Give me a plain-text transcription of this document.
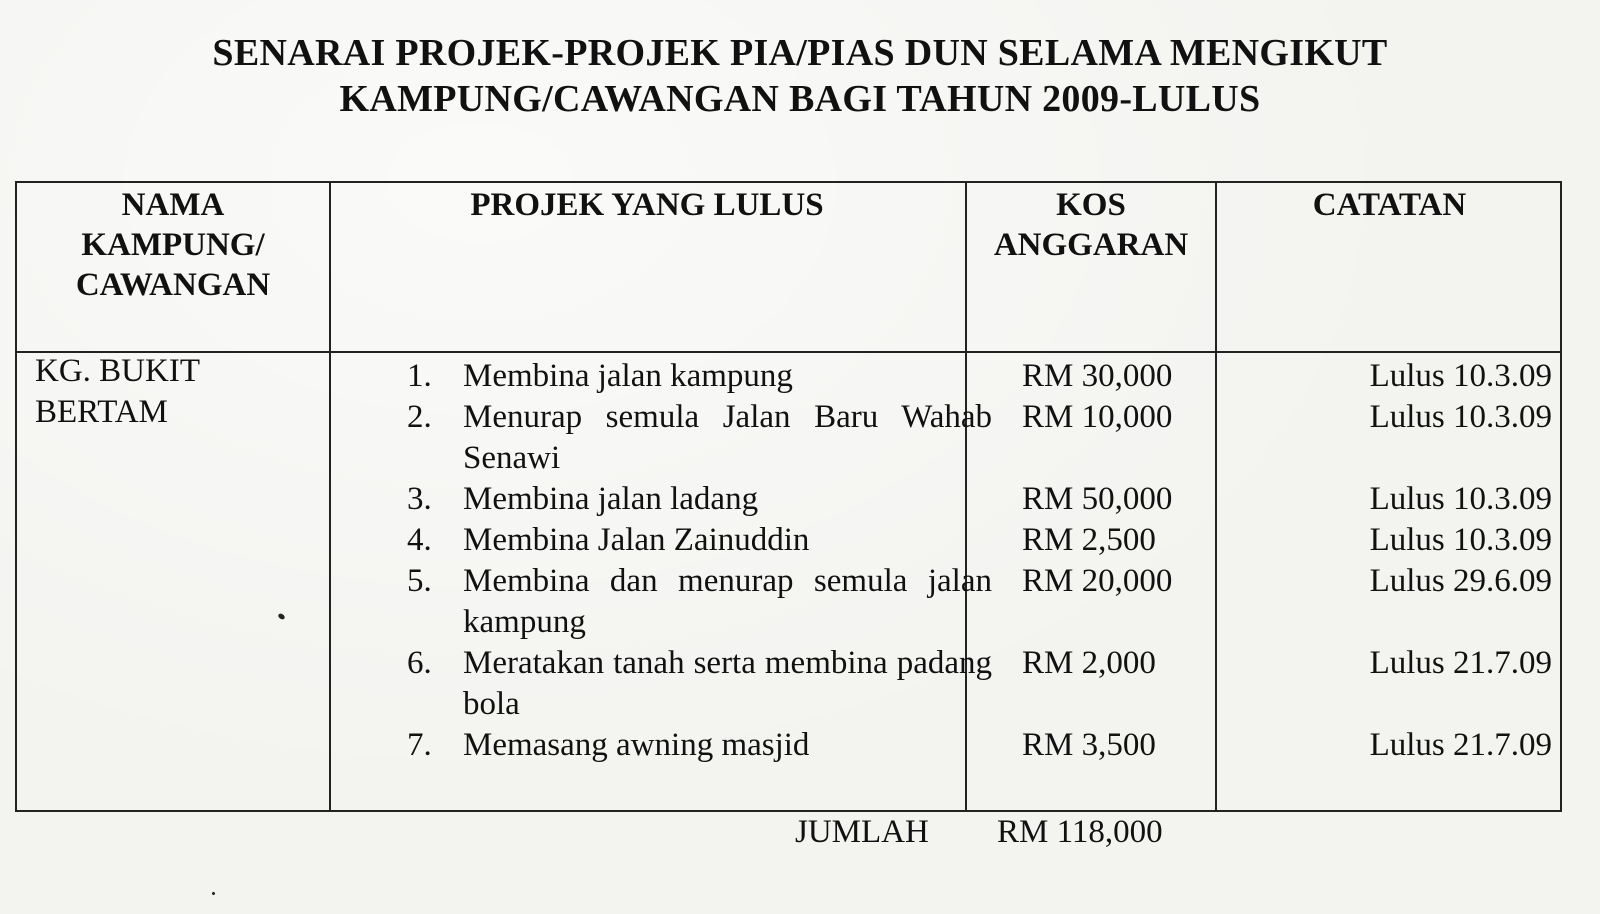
SENARAI PROJEK-PROJEK PIA/PIAS DUN SELAMA MENGIKUT
KAMPUNG/CAWANGAN BAGI TAHUN 2009-LULUS
NAMA
KAMPUNG/
CAWANGAN
PROJEK YANG LULUS	KOS
ANGGARAN
CATATAN
KG. BUKIT
BERTAM
1. Membina jalan kampung
2. Menurap semula Jalan Baru Wahab Senawi
3. Membina jalan ladang
4. Membina Jalan Zainuddin
5. Membina dan menurap semula jalan kampung
6. Meratakan tanah serta membina padang bola
7. Memasang awning masjid
RM 30,000
RM 10,000
RM 50,000
RM 2,500
RM 20,000
RM 2,000
RM 3,500
Lulus 10.3.09
Lulus 10.3.09
Lulus 10.3.09
Lulus 10.3.09
Lulus 29.6.09
Lulus 21.7.09
Lulus 21.7.09
JUMLAH RM 118,000
